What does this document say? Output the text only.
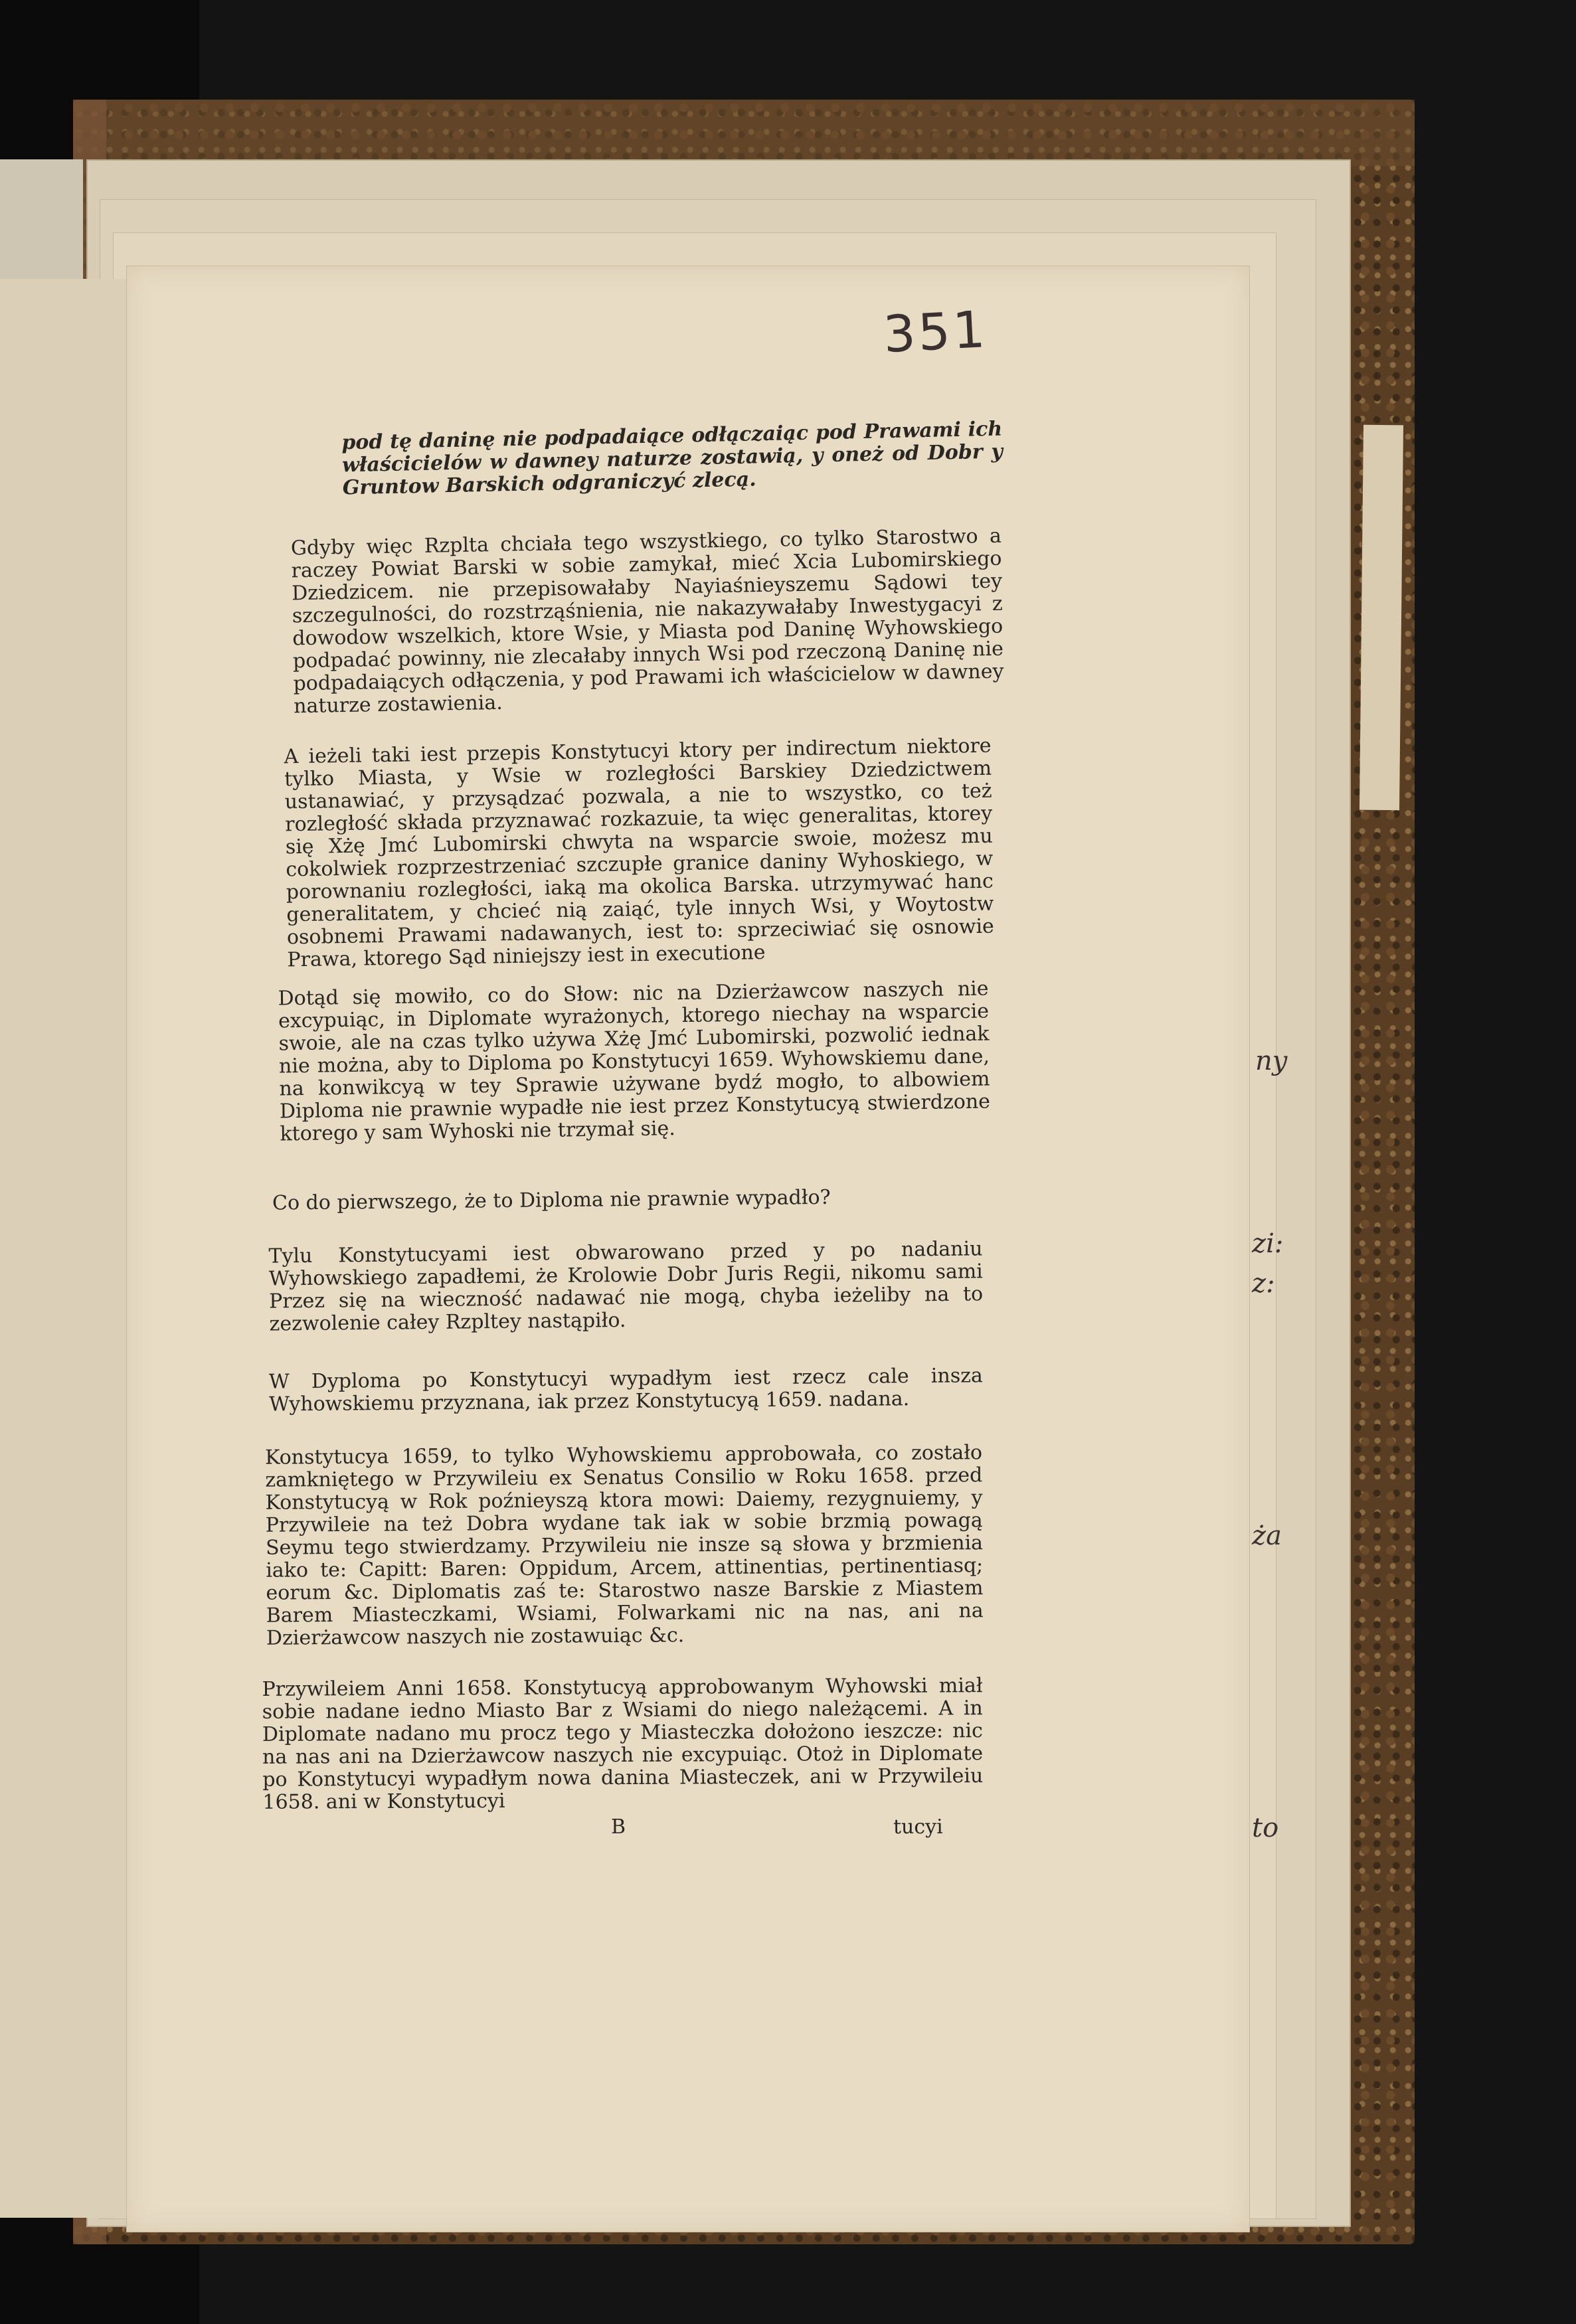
351

pod tę daninę nie podpadaiące odłączaiąc pod Prawami ich właścicielów w dawney naturze zostawią, y oneż od Dobr y Gruntow Barskich odgraniczyć zlecą.

Gdyby więc Rzplta chciała tego wszystkiego, co tylko Starostwo a raczey Powiat Barski w sobie zamykał, mieć Xcia Lubomirskiego Dziedzicem. nie przepisowałaby Nayiaśnieyszemu Sądowi tey szczegulności, do rozstrząśnienia, nie nakazywałaby Inwestygacyi z dowodow wszelkich, ktore Wsie, y Miasta pod Daninę Wyhowskiego podpadać powinny, nie zlecałaby innych Wsi pod rzeczoną Daninę nie podpadaiących odłączenia, y pod Prawami ich właścicielow w dawney naturze zostawienia.

A ieżeli taki iest przepis Konstytucyi ktory per indirectum niektore tylko Miasta, y Wsie w rozległości Barskiey Dziedzictwem ustanawiać, y przysądzać pozwala, a nie to wszystko, co też rozległość składa przyznawać rozkazuie, ta więc generalitas, ktorey się Xżę Jmć Lubomirski chwyta na wsparcie swoie, możesz mu cokolwiek rozprzestrzeniać szczupłe granice daniny Wyhoskiego, w porownaniu rozległości, iaką ma okolica Barska. utrzymywać hanc generalitatem, y chcieć nią zaiąć, tyle innych Wsi, y Woytostw osobnemi Prawami nadawanych, iest to: sprzeciwiać się osnowie Prawa, ktorego Sąd niniejszy iest in executione

Dotąd się mowiło, co do Słow: nic na Dzierżawcow naszych nie excypuiąc, in Diplomate wyrażonych, ktorego niechay na wsparcie swoie, ale na czas tylko używa Xżę Jmć Lubomirski, pozwolić iednak nie można, aby to Diploma po Konstytucyi 1659. Wyhowskiemu dane, na konwikcyą w tey Sprawie używane bydź mogło, to albowiem Diploma nie prawnie wypadłe nie iest przez Konstytucyą stwierdzone ktorego y sam Wyhoski nie trzymał się.

Co do pierwszego, że to Diploma nie prawnie wypadło?

Tylu Konstytucyami iest obwarowano przed y po nadaniu Wyhowskiego zapadłemi, że Krolowie Dobr Juris Regii, nikomu sami Przez się na wieczność nadawać nie mogą, chyba ieżeliby na to zezwolenie całey Rzpltey nastąpiło.

W Dyploma po Konstytucyi wypadłym iest rzecz cale insza Wyhowskiemu przyznana, iak przez Konstytucyą 1659. nadana.

Konstytucya 1659, to tylko Wyhowskiemu approbowała, co zostało zamkniętego w Przywileiu ex Senatus Consilio w Roku 1658. przed Konstytucyą w Rok poźnieyszą ktora mowi: Daiemy, rezygnuiemy, y Przywileie na też Dobra wydane tak iak w sobie brzmią powagą Seymu tego stwierdzamy. Przywileiu nie insze są słowa y brzmienia iako te: Capitt: Baren: Oppidum, Arcem, attinentias, pertinentiasq; eorum &c. Diplomatis zaś te: Starostwo nasze Barskie z Miastem Barem Miasteczkami, Wsiami, Folwarkami nic na nas, ani na Dzierżawcow naszych nie zostawuiąc &c.

Przywileiem Anni 1658. Konstytucyą approbowanym Wyhowski miał sobie nadane iedno Miasto Bar z Wsiami do niego należącemi. A in Diplomate nadano mu procz tego y Miasteczka dołożono ieszcze: nic na nas ani na Dzierżawcow naszych nie excypuiąc. Otoż in Diplomate po Konstytucyi wypadłym nowa danina Miasteczek, ani w Przywileiu 1658. ani w Konstytucyi

B	tucyi
ny
zi:
z:
ża
to
